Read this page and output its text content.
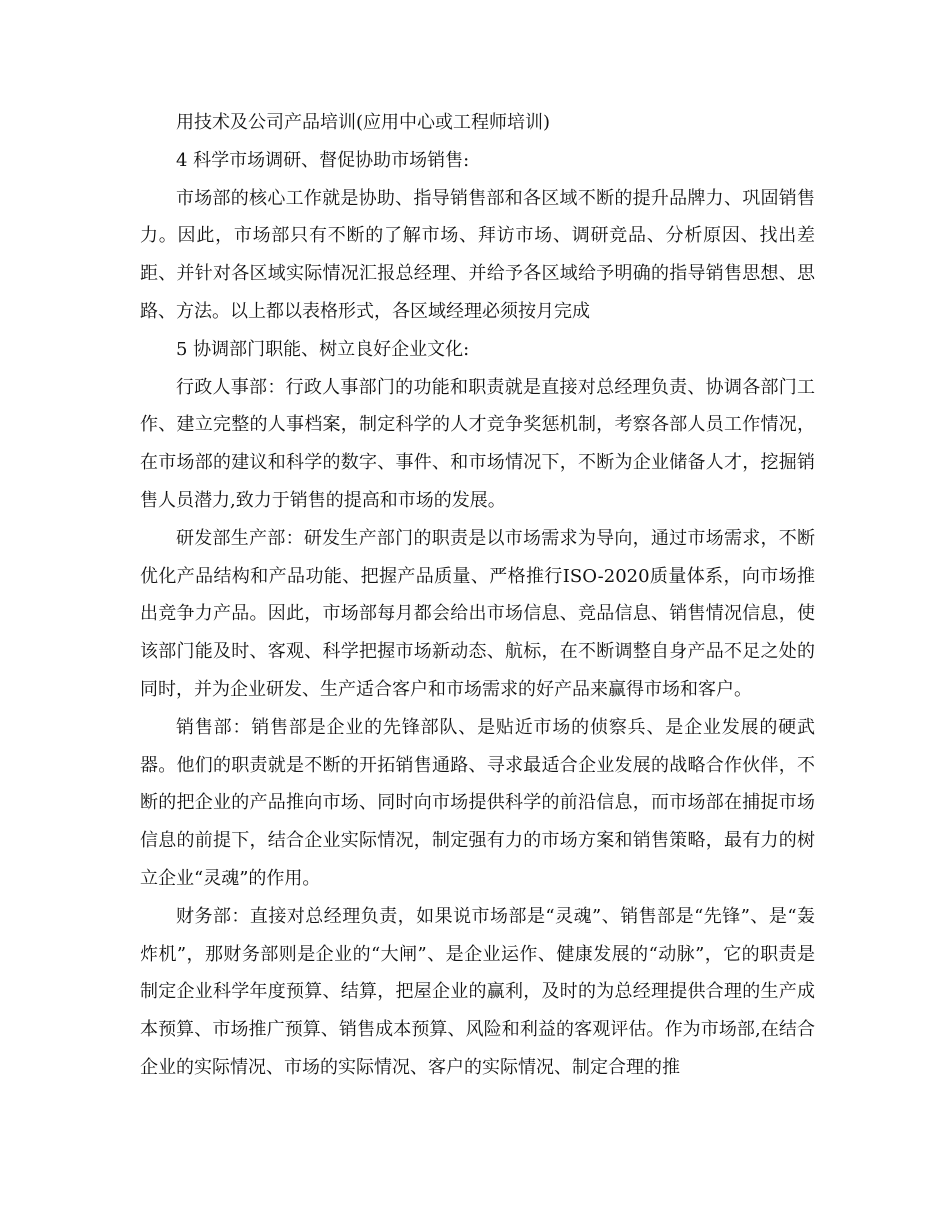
用技术及公司产品培训(应用中心或工程师培训)

4 科学市场调研、督促协助市场销售:

市场部的核心工作就是协助、指导销售部和各区域不断的提升品牌力、巩固销售力。因此，市场部只有不断的了解市场、拜访市场、调研竞品、分析原因、找出差距、并针对各区域实际情况汇报总经理、并给予各区域给予明确的指导销售思想、思路、方法。以上都以表格形式，各区域经理必须按月完成

5 协调部门职能、树立良好企业文化:

行政人事部：行政人事部门的功能和职责就是直接对总经理负责、协调各部门工作、建立完整的人事档案，制定科学的人才竞争奖惩机制，考察各部人员工作情况，在市场部的建议和科学的数字、事件、和市场情况下，不断为企业储备人才，挖掘销售人员潜力,致力于销售的提高和市场的发展。

研发部生产部：研发生产部门的职责是以市场需求为导向，通过市场需求，不断优化产品结构和产品功能、把握产品质量、严格推行ISO-2020质量体系，向市场推出竞争力产品。因此，市场部每月都会给出市场信息、竞品信息、销售情况信息，使该部门能及时、客观、科学把握市场新动态、航标，在不断调整自身产品不足之处的同时，并为企业研发、生产适合客户和市场需求的好产品来赢得市场和客户。

销售部：销售部是企业的先锋部队、是贴近市场的侦察兵、是企业发展的硬武器。他们的职责就是不断的开拓销售通路、寻求最适合企业发展的战略合作伙伴，不断的把企业的产品推向市场、同时向市场提供科学的前沿信息，而市场部在捕捉市场信息的前提下，结合企业实际情况，制定强有力的市场方案和销售策略，最有力的树立企业“灵魂”的作用。

财务部：直接对总经理负责，如果说市场部是“灵魂”、销售部是“先锋”、是“轰炸机”，那财务部则是企业的“大闸”、是企业运作、健康发展的“动脉”，它的职责是制定企业科学年度预算、结算，把屋企业的赢利，及时的为总经理提供合理的生产成本预算、市场推广预算、销售成本预算、风险和利益的客观评估。作为市场部,在结合企业的实际情况、市场的实际情况、客户的实际情况、制定合理的推
